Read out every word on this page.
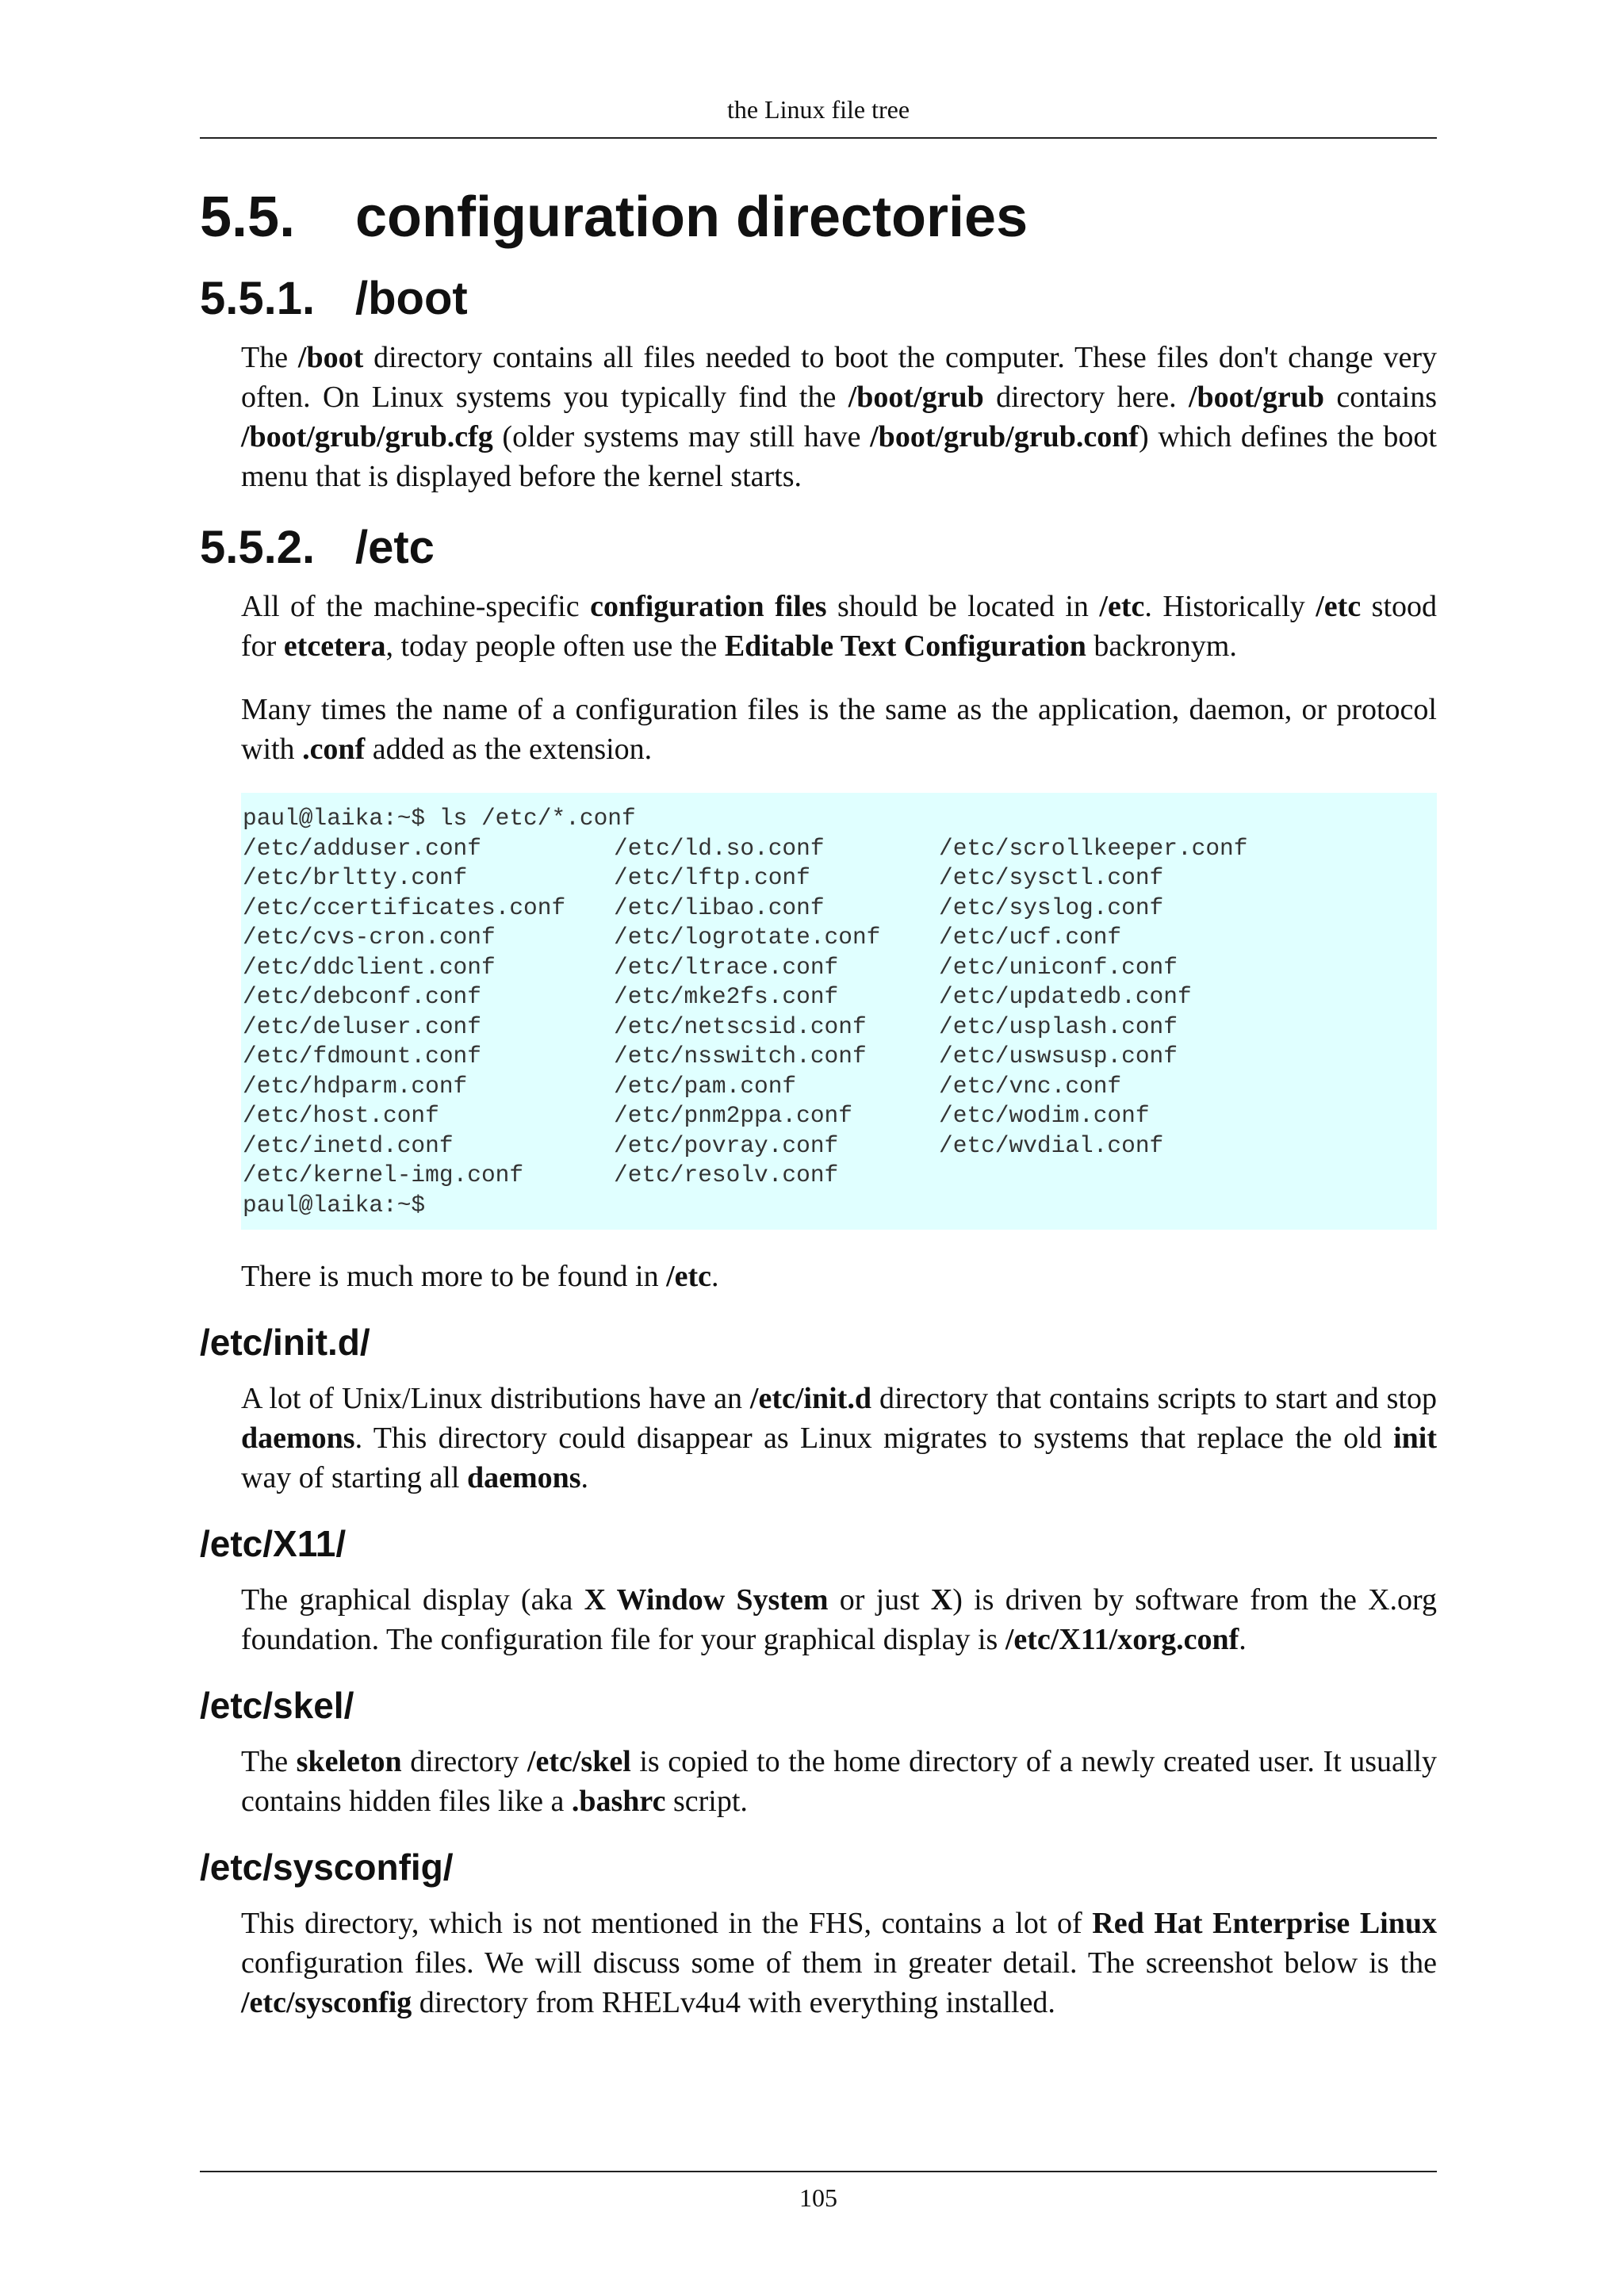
the Linux file tree
5.5. configuration directories
5.5.1. /boot

The /boot directory contains all files needed to boot the computer. These files don't change very often. On Linux systems you typically find the /boot/grub directory here. /boot/grub contains /boot/grub/grub.cfg (older systems may still have /boot/grub/grub.conf) which defines the boot menu that is displayed before the kernel starts.

5.5.2. /etc

All of the machine-specific configuration files should be located in /etc. Historically /etc stood for etcetera, today people often use the Editable Text Configuration backronym.

Many times the name of a configuration files is the same as the application, daemon, or protocol with .conf added as the extension.

paul@laika:~$ ls /etc/*.conf
/etc/adduser.conf	/etc/ld.so.conf	/etc/scrollkeeper.conf
/etc/brltty.conf	/etc/lftp.conf	/etc/sysctl.conf
/etc/ccertificates.conf	/etc/libao.conf	/etc/syslog.conf
/etc/cvs-cron.conf	/etc/logrotate.conf	/etc/ucf.conf
/etc/ddclient.conf	/etc/ltrace.conf	/etc/uniconf.conf
/etc/debconf.conf	/etc/mke2fs.conf	/etc/updatedb.conf
/etc/deluser.conf	/etc/netscsid.conf	/etc/usplash.conf
/etc/fdmount.conf	/etc/nsswitch.conf	/etc/uswsusp.conf
/etc/hdparm.conf	/etc/pam.conf	/etc/vnc.conf
/etc/host.conf	/etc/pnm2ppa.conf	/etc/wodim.conf
/etc/inetd.conf	/etc/povray.conf	/etc/wvdial.conf
/etc/kernel-img.conf	/etc/resolv.conf
paul@laika:~$

There is much more to be found in /etc.

/etc/init.d/

A lot of Unix/Linux distributions have an /etc/init.d directory that contains scripts to start and stop daemons. This directory could disappear as Linux migrates to systems that replace the old init way of starting all daemons.

/etc/X11/

The graphical display (aka X Window System or just X) is driven by software from the X.org foundation. The configuration file for your graphical display is /etc/X11/xorg.conf.

/etc/skel/

The skeleton directory /etc/skel is copied to the home directory of a newly created user. It usually contains hidden files like a .bashrc script.

/etc/sysconfig/

This directory, which is not mentioned in the FHS, contains a lot of Red Hat Enterprise Linux configuration files. We will discuss some of them in greater detail. The screenshot below is the /etc/sysconfig directory from RHELv4u4 with everything installed.

105
